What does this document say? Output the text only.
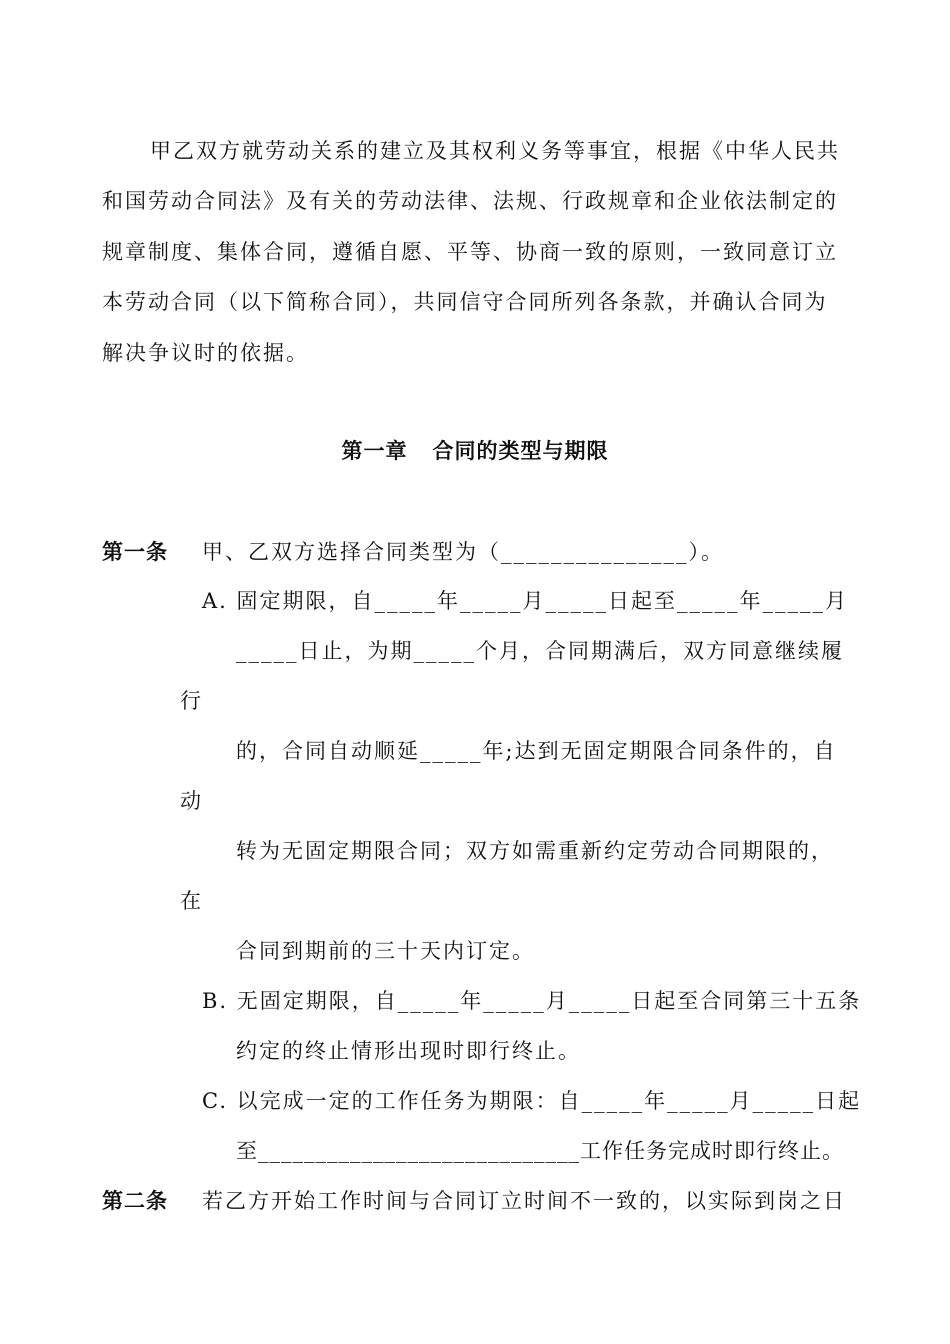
甲乙双方就劳动关系的建立及其权利义务等事宜，根据《中华人民共
和国劳动合同法》及有关的劳动法律、法规、行政规章和企业依法制定的
规章制度、集体合同，遵循自愿、平等、协商一致的原则，一致同意订立
本劳动合同（以下简称合同），共同信守合同所列各条款，并确认合同为
解决争议时的依据。
第一章   合同的类型与期限
第一条 甲、乙双方选择合同类型为（_______________）。
A. 固定期限，自_____年_____月_____日起至_____年_____月
_____日止，为期_____个月，合同期满后，双方同意继续履
行
的，合同自动顺延_____年;达到无固定期限合同条件的，自
动
转为无固定期限合同；双方如需重新约定劳动合同期限的，
在
合同到期前的三十天内订定。
B. 无固定期限，自_____年_____月_____日起至合同第三十五条
约定的终止情形出现时即行终止。
C. 以完成一定的工作任务为期限：自_____年_____月_____日起
至____________________________工作任务完成时即行终止。
第二条 若乙方开始工作时间与合同订立时间不一致的，以实际到岗之日
